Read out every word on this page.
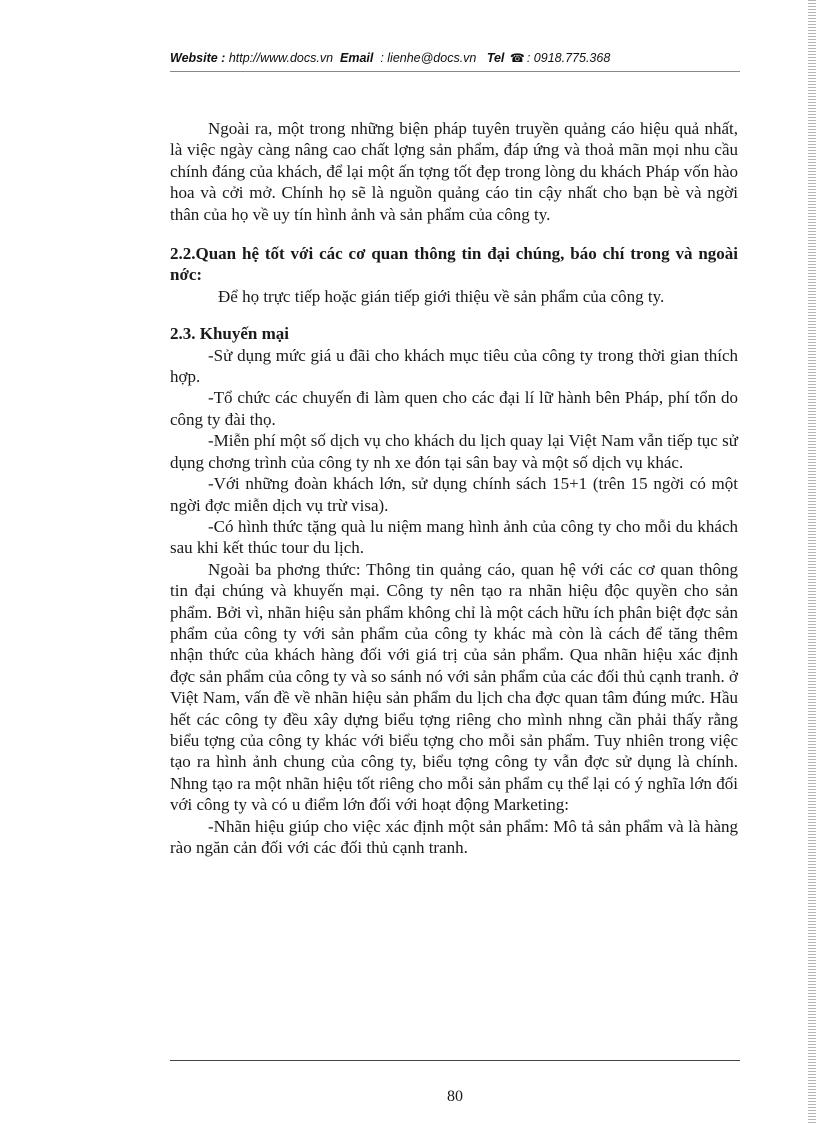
Website : http://www.docs.vn Email : lienhe@docs.vn Tel ☎ : 0918.775.368

Ngoài ra, một trong những biện pháp tuyên truyền quảng cáo hiệu quả nhất, là việc ngày càng nâng cao chất lợng sản phẩm, đáp ứng và thoả mãn mọi nhu cầu chính đáng của khách, để lại một ấn tợng tốt đẹp trong lòng du khách Pháp vốn hào hoa và cởi mở. Chính họ sẽ là nguồn quảng cáo tin cậy nhất cho bạn bè và ngời thân của họ về uy tín hình ảnh và sản phẩm của công ty.

2.2.Quan hệ tốt với các cơ quan thông tin đại chúng, báo chí trong và ngoài nớc:

Để họ trực tiếp hoặc gián tiếp giới thiệu về sản phẩm của công ty.

2.3. Khuyến mại

-Sử dụng mức giá u đãi cho khách mục tiêu của công ty trong thời gian thích hợp.

-Tổ chức các chuyến đi làm quen cho các đại lí lữ hành bên Pháp, phí tổn do công ty đài thọ.

-Miễn phí một số dịch vụ cho khách du lịch quay lại Việt Nam vẫn tiếp tục sử dụng chơng trình của công ty nh xe đón tại sân bay và một số dịch vụ khác.

-Với những đoàn khách lớn, sử dụng chính sách 15+1 (trên 15 ngời có một ngời đợc miễn dịch vụ trừ visa).

-Có hình thức tặng quà lu niệm mang hình ảnh của công ty cho mỗi du khách sau khi kết thúc tour du lịch.

Ngoài ba phơng thức: Thông tin quảng cáo, quan hệ với các cơ quan thông tin đại chúng và khuyến mại. Công ty nên tạo ra nhãn hiệu độc quyền cho sản phẩm. Bởi vì, nhãn hiệu sản phẩm không chỉ là một cách hữu ích phân biệt đợc sản phẩm của công ty với sản phẩm của công ty khác mà còn là cách để tăng thêm nhận thức của khách hàng đối với giá trị của sản phẩm. Qua nhãn hiệu xác định đợc sản phẩm của công ty và so sánh nó với sản phẩm của các đối thủ cạnh tranh. ở Việt Nam, vấn đề về nhãn hiệu sản phẩm du lịch cha đợc quan tâm đúng mức. Hầu hết các công ty đều xây dựng biểu tợng riêng cho mình nhng cần phải thấy rằng biểu tợng của công ty khác với biểu tợng cho mỗi sản phẩm. Tuy nhiên trong việc tạo ra hình ảnh chung của công ty, biểu tợng công ty vẫn đợc sử dụng là chính. Nhng tạo ra một nhãn hiệu tốt riêng cho mỗi sản phẩm cụ thể lại có ý nghĩa lớn đối với công ty và có u điểm lớn đối với hoạt động Marketing:

-Nhãn hiệu giúp cho việc xác định một sản phẩm: Mô tả sản phẩm và là hàng rào ngăn cản đối với các đối thủ cạnh tranh.

80
